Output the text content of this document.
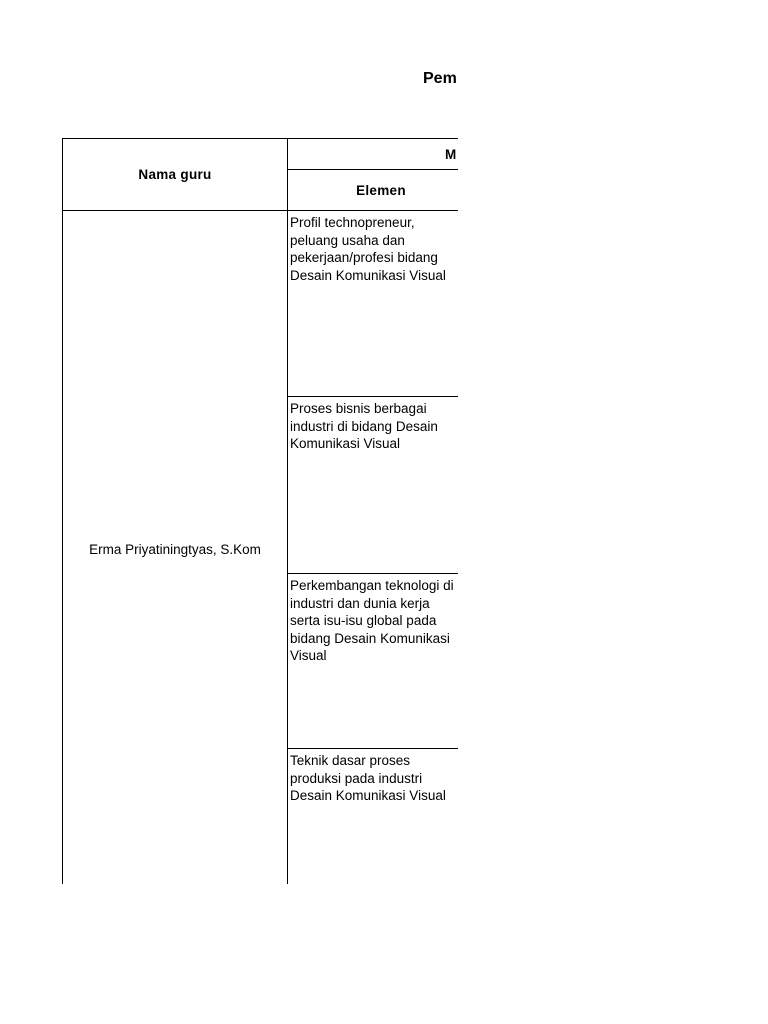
Pem
Nama guru	M	
	Elemen	
Erma Priyatiningtyas, S.Kom	Profil technopreneur, peluang usaha dan pekerjaan/profesi bidang Desain Komunikasi Visual	

	Proses bisnis berbagai industri di bidang Desain Komunikasi Visual	

	Perkembangan teknologi di industri dan dunia kerja serta isu-isu global pada bidang Desain Komunikasi Visual	

	Teknik dasar proses produksi pada industri Desain Komunikasi Visual	
